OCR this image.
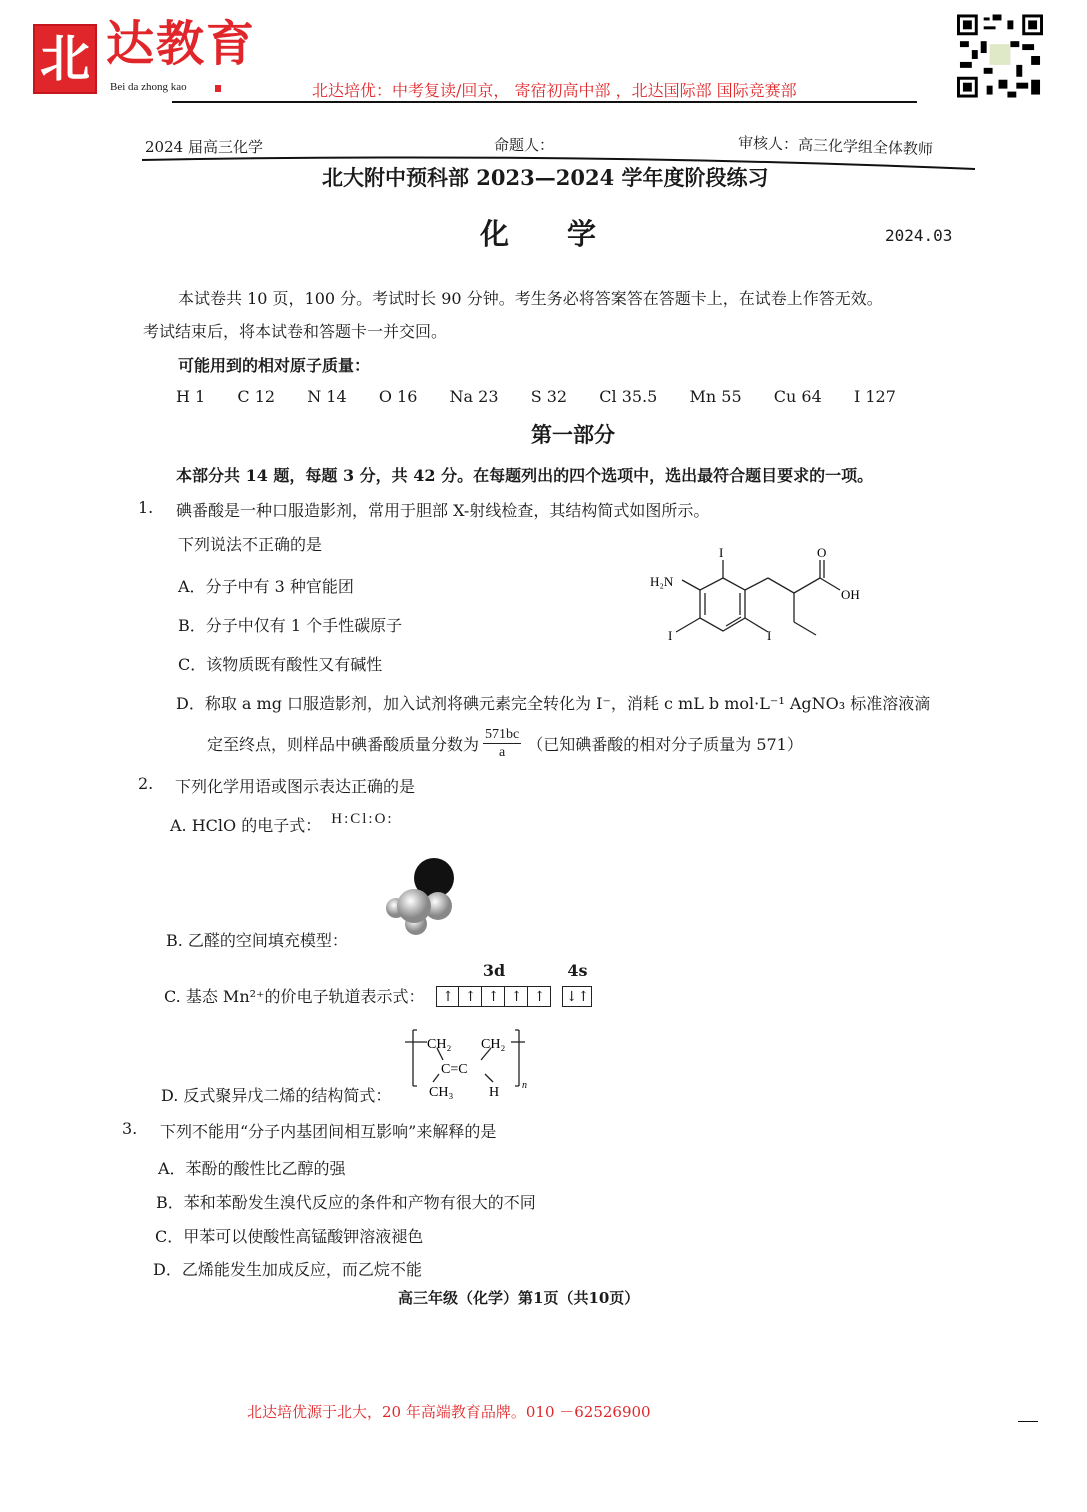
北 达教育
Bei da zhong kao	北达培优：中考复读/回京， 寄宿初高中部 ，北达国际部 国际竞赛部
2024 届高三化学	命题人：	审核人：高三化学组全体教师
北大附中预科部 2023—2024 学年度阶段练习
化　　学	2024.03
本试卷共 10 页，100 分。考试时长 90 分钟。考生务必将答案答在答题卡上，在试卷上作答无效。
考试结束后，将本试卷和答题卡一并交回。
可能用到的相对原子质量：
H 1 C 12 N 14 O 16 Na 23 S 32 Cl 35.5 Mn 55 Cu 64 I 127
第一部分
本部分共 14 题，每题 3 分，共 42 分。在每题列出的四个选项中，选出最符合题目要求的一项。
1. 碘番酸是一种口服造影剂，常用于胆部 X-射线检查，其结构简式如图所示。
下列说法不正确的是
A．分子中有 3 种官能团
B．分子中仅有 1 个手性碳原子
C．该物质既有酸性又有碱性
D．称取 a mg 口服造影剂，加入试剂将碘元素完全转化为 I⁻，消耗 c mL b mol·L⁻¹ AgNO₃ 标准溶液滴
定至终点，则样品中碘番酸质量分数为 $\frac{571bc}{a}$ （已知碘番酸的相对分子质量为 571）
H₂N
I
I	I
O
OH
2. 下列化学用语或图示表达正确的是
A. HClO 的电子式： H:Cl:O:
B. 乙醛的空间填充模型：
C. 基态 Mn²⁺的价电子轨道表示式：
3d
↑ ↑ ↑ ↑ ↑
4s
↓↑
D. 反式聚异戊二烯的结构简式：
CH₂ CH₂
C=C
CH₃	H n
3. 下列不能用“分子内基团间相互影响”来解释的是
A．苯酚的酸性比乙醇的强
B．苯和苯酚发生溴代反应的条件和产物有很大的不同
C．甲苯可以使酸性高锰酸钾溶液褪色
D．乙烯能发生加成反应，而乙烷不能
高三年级（化学）第1页（共10页）
北达培优源于北大，20 年高端教育品牌。010 －62526900
